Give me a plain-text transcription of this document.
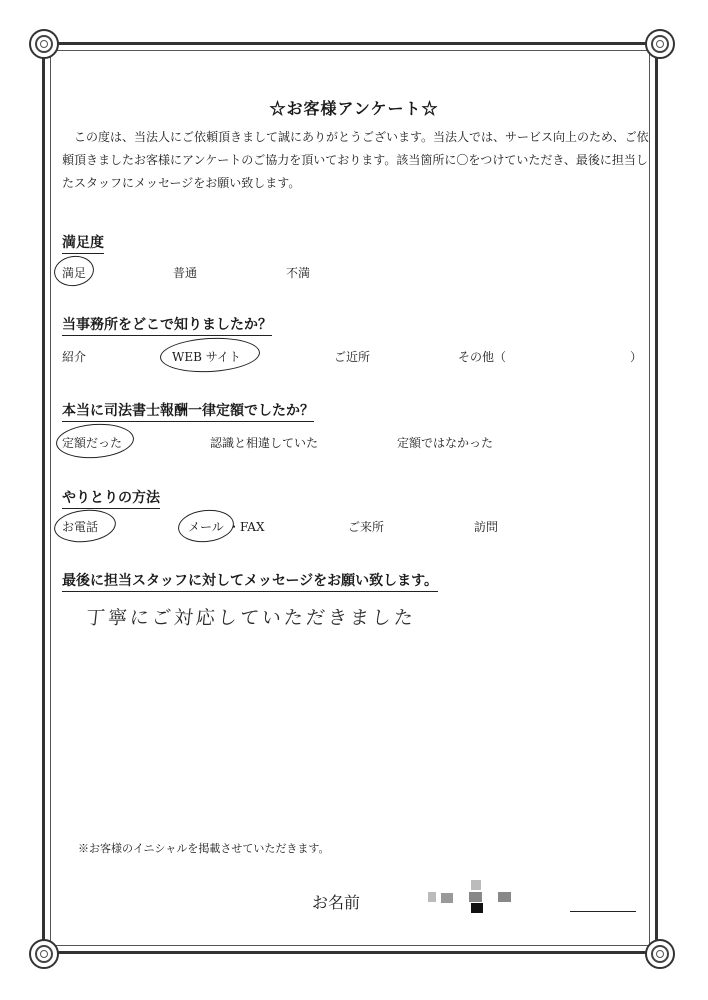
☆お客様アンケート☆
この度は、当法人にご依頼頂きまして誠にありがとうございます。当法人では、サービス向上のため、ご依頼頂きましたお客様にアンケートのご協力を頂いております。該当箇所に〇をつけていただき、最後に担当したスタッフにメッセージをお願い致します。
満足度
満足	普通	不満
当事務所をどこで知りましたか？
紹介	WEB サイト	ご近所	その他（	）
本当に司法書士報酬一律定額でしたか？
定額だった	認識と相違していた	定額ではなかった
やりとりの方法
お電話	メール ・FAX	ご来所	訪問
最後に担当スタッフに対してメッセージをお願い致します。
丁寧にご対応していただきました
※お客様のイニシャルを掲載させていただきます。
お名前
